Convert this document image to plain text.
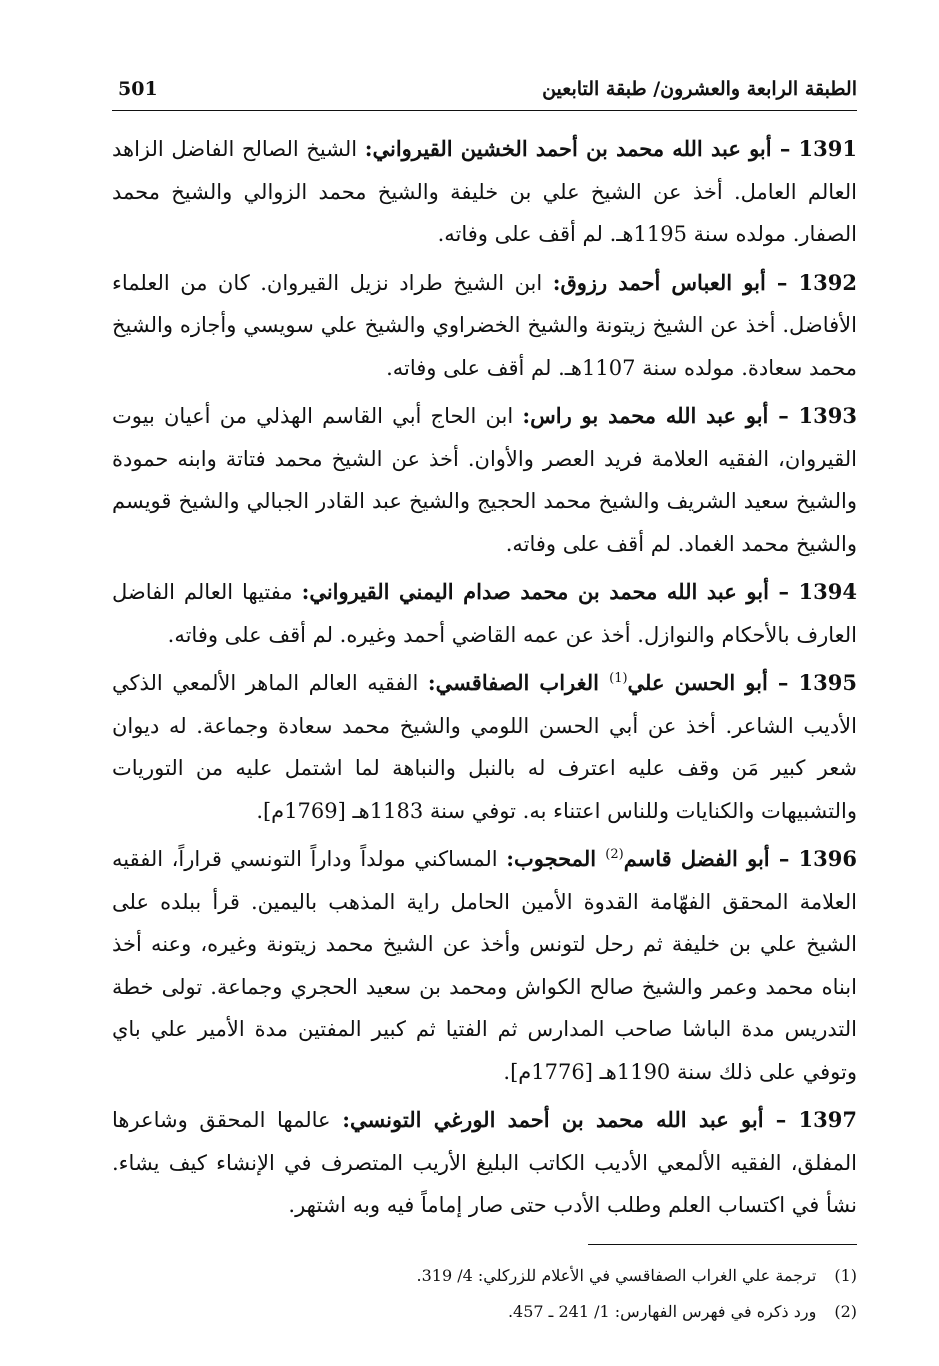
الطبقة الرابعة والعشرون/ طبقة التابعين
501

1391 – أبو عبد الله محمد بن أحمد الخشين القيرواني: الشيخ الصالح الفاضل الزاهد العالم العامل. أخذ عن الشيخ علي بن خليفة والشيخ محمد الزوالي والشيخ محمد الصفار. مولده سنة 1195هـ. لم أقف على وفاته.

1392 – أبو العباس أحمد رزوق: ابن الشيخ طراد نزيل القيروان. كان من العلماء الأفاضل. أخذ عن الشيخ زيتونة والشيخ الخضراوي والشيخ علي سويسي وأجازه والشيخ محمد سعادة. مولده سنة 1107هـ. لم أقف على وفاته.

1393 – أبو عبد الله محمد بو راس: ابن الحاج أبي القاسم الهذلي من أعيان بيوت القيروان، الفقيه العلامة فريد العصر والأوان. أخذ عن الشيخ محمد فتاتة وابنه حمودة والشيخ سعيد الشريف والشيخ محمد الحجيج والشيخ عبد القادر الجبالي والشيخ قويسم والشيخ محمد الغماد. لم أقف على وفاته.

1394 – أبو عبد الله محمد بن محمد صدام اليمني القيرواني: مفتيها العالم الفاضل العارف بالأحكام والنوازل. أخذ عن عمه القاضي أحمد وغيره. لم أقف على وفاته.

1395 – أبو الحسن علي$^{(1)}$ الغراب الصفاقسي: الفقيه العالم الماهر الألمعي الذكي الأديب الشاعر. أخذ عن أبي الحسن اللومي والشيخ محمد سعادة وجماعة. له ديوان شعر كبير مَن وقف عليه اعترف له بالنبل والنباهة لما اشتمل عليه من التوريات والتشبيهات والكنايات وللناس اعتناء به. توفي سنة 1183هـ [1769م].

1396 – أبو الفضل قاسم$^{(2)}$ المحجوب: المساكني مولداً وداراً التونسي قراراً، الفقيه العلامة المحقق الفهّامة القدوة الأمين الحامل راية المذهب باليمين. قرأ ببلده على الشيخ علي بن خليفة ثم رحل لتونس وأخذ عن الشيخ محمد زيتونة وغيره، وعنه أخذ ابناه محمد وعمر والشيخ صالح الكواش ومحمد بن سعيد الحجري وجماعة. تولى خطة التدريس مدة الباشا صاحب المدارس ثم الفتيا ثم كبير المفتين مدة الأمير علي باي وتوفي على ذلك سنة 1190هـ [1776م].

1397 – أبو عبد الله محمد بن أحمد الورغي التونسي: عالمها المحقق وشاعرها المفلق، الفقيه الألمعي الأديب الكاتب البليغ الأريب المتصرف في الإنشاء كيف يشاء. نشأ في اكتساب العلم وطلب الأدب حتى صار إماماً فيه وبه اشتهر.

(1)ترجمة علي الغراب الصفاقسي في الأعلام للزركلي: 4/ 319.

(2)ورد ذكره في فهرس الفهارس: 1/ 241 ـ 457.
